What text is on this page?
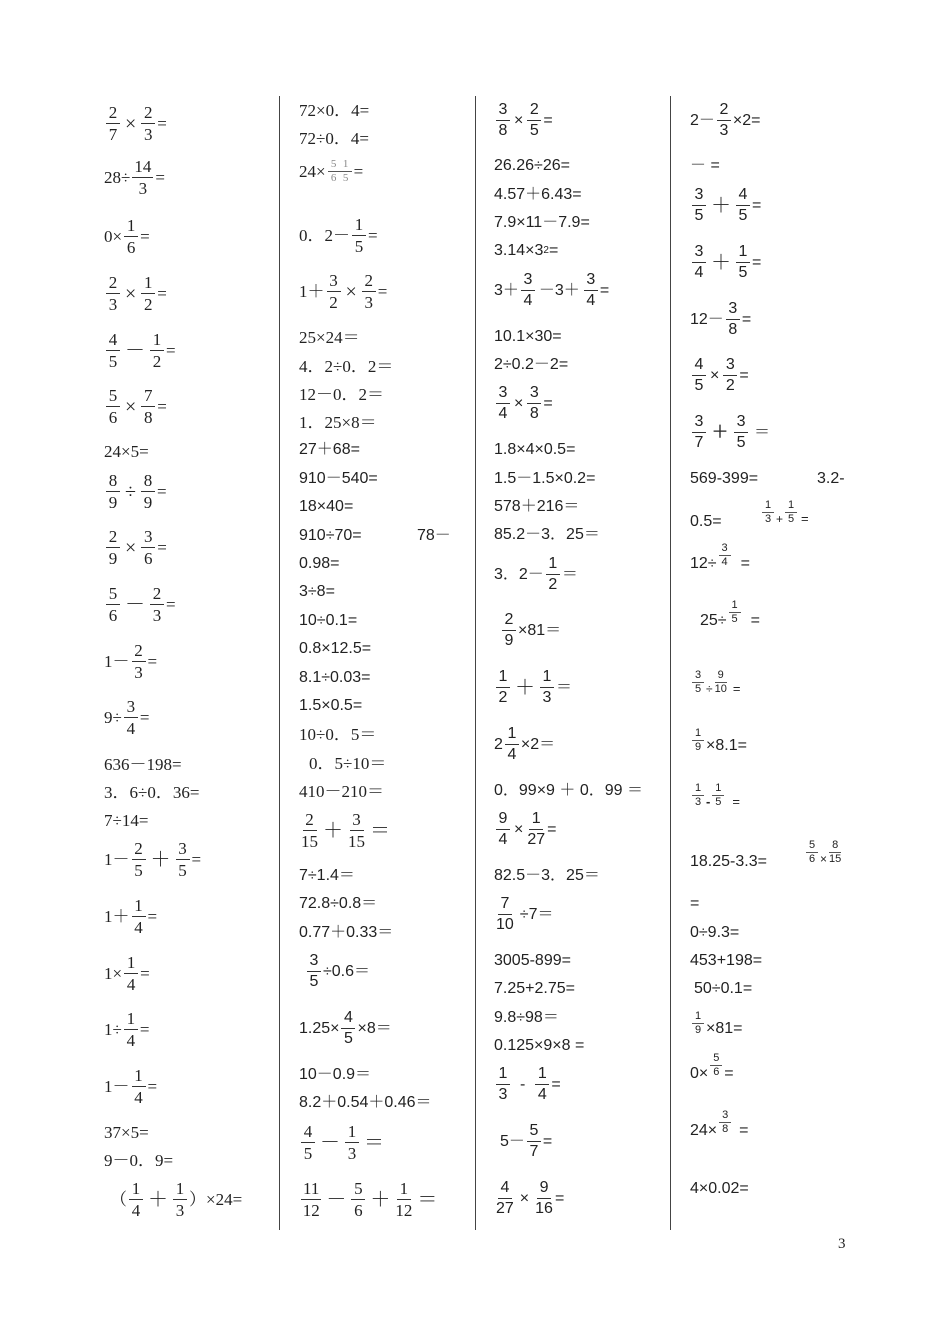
$\frac{2}{7} \times \frac{2}{3}$ =
$28\div \frac{14}{3}$ =
$0\times \frac{1}{6}$ =
$\frac{2}{3} \times \frac{1}{2}$ =
4
$5 - \frac{1}{2}$ =
$\frac{5}{6} \times \frac{7}{8}$ =
24×5=
$\frac{8}{9} \div \frac{8}{9}$ =
$\frac{2}{9} \times \frac{3}{6}$ =
5
$6 - \frac{2}{3}$ =
$1- \frac{2}{3}$ =
$9\div \frac{3}{4}$ =
636－198=
3．6÷0．36=
7÷14=
1－
2
$5 + \frac{3}{5}$ =
$1+ \frac{1}{4}$ =
$1\times \frac{1}{4}$ =
$1\div \frac{1}{4}$ =
$1- \frac{1}{4}$ =
37×5=
9－0．9=
（
1
4 ＋ 1
3
）×24=
72×0．4=
72÷0．4=
$24\times \frac{5}{6} \frac{1}{5}$ =
0．$2- \frac{1}{5}$ =
$1+ \frac{3}{2} \times \frac{2}{3}$ =
25×24＝
4．2÷0．2＝
12－0．2＝
1．25×8＝
27＋68=
910－540=
18×40=
910÷70=	78－
0.98=
3÷8=
10÷0.1=
0.8×12.5=
8.1÷0.03=
1.5×0.5=
10÷0．5＝
0．5÷10＝
410－210＝
2
15 ＋ 3
15 ＝
7÷1.4＝
72.8÷0.8＝
0.77＋0.33＝
$\frac{3}{5} \div 0.6=$
$1.25\times \frac{4}{5} \times 8=$
10－0.9＝
8.2＋0.54＋0.46＝
4
5 － 1
3 ＝
11
12 － 5
6 ＋ 1
12 ＝
$\frac{3}{8} \times \frac{2}{5}$ =
26.26÷26=
4.57＋6.43=
7.9×11－7.9=
3.14×3 2 =
3＋
3
4
$-3+ \frac{3}{4}$ =
10.1×30=
2÷0.2－2=
$\frac{3}{4} \times \frac{3}{8}$ =
1.8×4×0.5=
1.5－1.5×0.2=
578＋216＝
85.2－3．25＝
3．2－
1
2
＝
$\frac{2}{9} \times 81=$
1
2 ＋ 1
3
＝
$2 \frac{1}{4} \times 2=$
0．99×9 ＋ 0．99 ＝
$\frac{9}{4} \times \frac{1}{27}$ =
82.5－3．25＝
$\frac{7}{10} \div 7=$
3005-899=
7.25+2.75=
9.8÷98＝
0.125×9×8 =
1
3
- $\frac{1}{4}$ =
$5- \frac{5}{7}$ =
$\frac{4}{27} \times \frac{9}{16}$ =
$2- \frac{2}{3} \times 2=$
－ =
3
$5 + \frac{4}{5}$ =
3
$4 + \frac{1}{5}$ =
$12- \frac{3}{8}$ =
$\frac{4}{5} \times \frac{3}{2}$ =
3
7
＋
3
5
＝
569-399=	3.2-
0.5=
1
$3 + \frac{1}{5}$ =
$12\div \frac{3}{4}$ =
$25\div \frac{1}{5}$ =
$\frac{3}{5} \div \frac{9}{10}$ =
$\frac{1}{9} \times 8.1=$
1
$3 - \frac{1}{5}$ =
18.25-3.3=	$\frac{5}{6} \times \frac{8}{15}$
=
0÷9.3=
453+198=
50÷0.1=
$\frac{1}{9} \times 81=$
$0\times \frac{5}{6}$ =
$24\times \frac{3}{8}$ =
4×0.02=
3
